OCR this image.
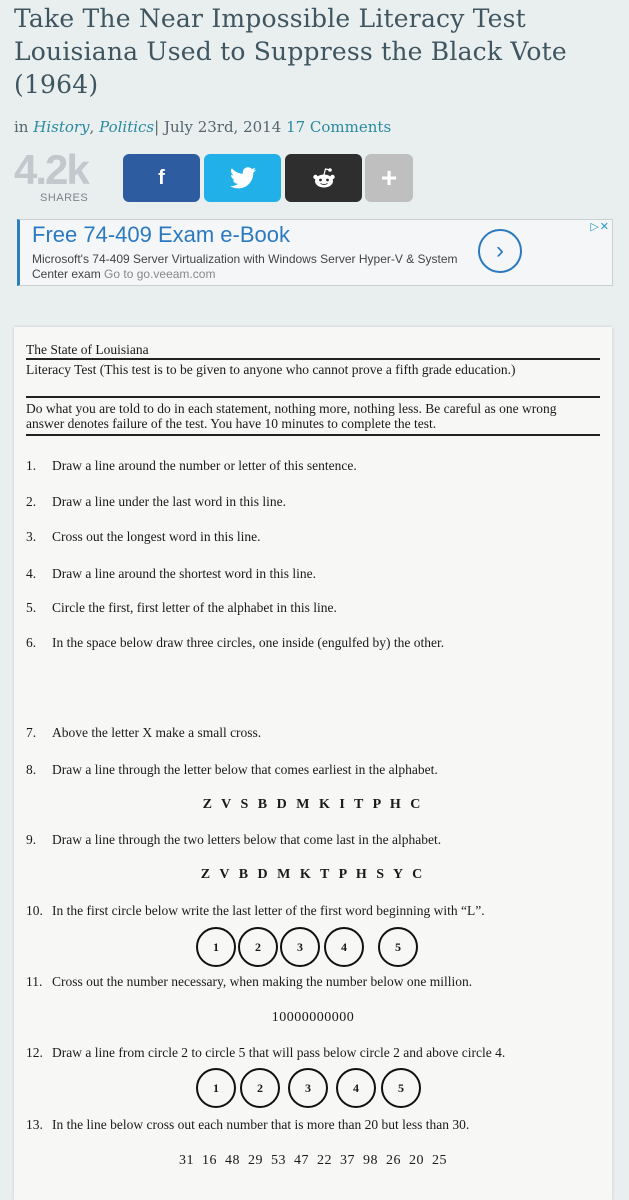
Take The Near Impossible Literacy Test Louisiana Used to Suppress the Black Vote (1964)
in History, Politics| July 23rd, 2014 17 Comments
4.2k
SHARES
f	+
Free 74-409 Exam e-Book
Microsoft's 74-409 Server Virtualization with Windows Server Hyper-V & System Center exam Go to go.veeam.com
›
▷✕
The State of Louisiana
Literacy Test (This test is to be given to anyone who cannot prove a fifth grade education.)
Do what you are told to do in each statement, nothing more, nothing less. Be careful as one wrong answer denotes failure of the test. You have 10 minutes to complete the test.
1. Draw a line around the number or letter of this sentence.
2. Draw a line under the last word in this line.
3. Cross out the longest word in this line.
4. Draw a line around the shortest word in this line.
5. Circle the first, first letter of the alphabet in this line.
6. In the space below draw three circles, one inside (engulfed by) the other.
7. Above the letter X make a small cross.
8. Draw a line through the letter below that comes earliest in the alphabet.
Z V S B D M K I T P H C
9. Draw a line through the two letters below that come last in the alphabet.
Z V B D M K T P H S Y C
10. In the first circle below write the last letter of the first word beginning with “L”.
1	2	3	4	5
11. Cross out the number necessary, when making the number below one million.
10000000000
12. Draw a line from circle 2 to circle 5 that will pass below circle 2 and above circle 4.
1	2	3	4	5
13. In the line below cross out each number that is more than 20 but less than 30.
31  16  48  29  53  47  22  37  98  26  20  25
